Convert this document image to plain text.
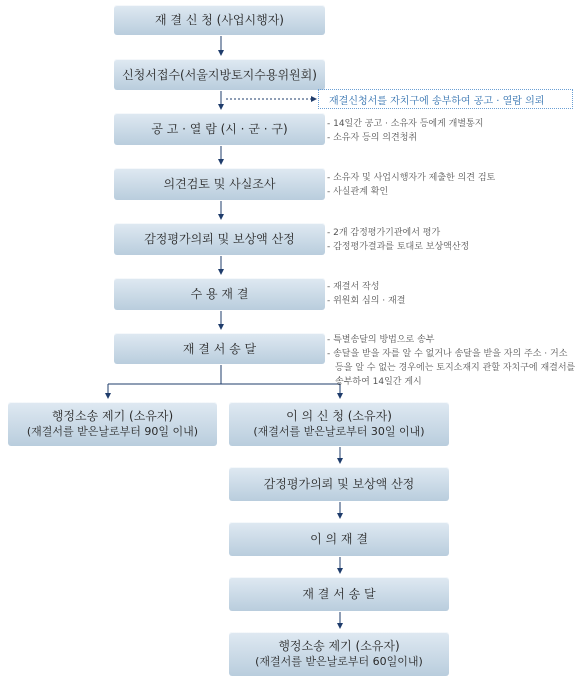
재 결 신 청 (사업시행자)
신청서접수(서울지방토지수용위원회)
재결신청서를 자치구에 송부하여 공고 · 열람 의뢰
공 고 · 열 람 (시 · 군 · 구)	- 14일간 공고 · 소유자 등에게 개별통지
- 소유자 등의 의견청취
의견검토 및 사실조사	- 소유자 및 사업시행자가 제출한 의견 검토
- 사실관계 확인
감정평가의뢰 및 보상액 산정	- 2개 감정평가기관에서 평가
- 감정평가결과를 토대로 보상액산정
수 용 재 결	- 재결서 작성
- 위원회 심의 · 재결
재 결 서 송 달
- 특별송달의 방법으로 송부
- 송달을 받을 자를 알 수 없거나 송달을 받을 자의 주소 · 거소 등을 알 수 없는 경우에는 토지소재지 관할 자치구에 재결서를 송부하여 14일간 게시
행정소송 제기 (소유자)
(재결서를 받은날로부터 90일 이내)
이 의 신 청 (소유자)
(재결서를 받은날로부터 30일 이내)
감정평가의뢰 및 보상액 산정
이 의 재 결
재 결 서 송 달
행정소송 제기 (소유자)
(재결서를 받은날로부터 60일이내)
